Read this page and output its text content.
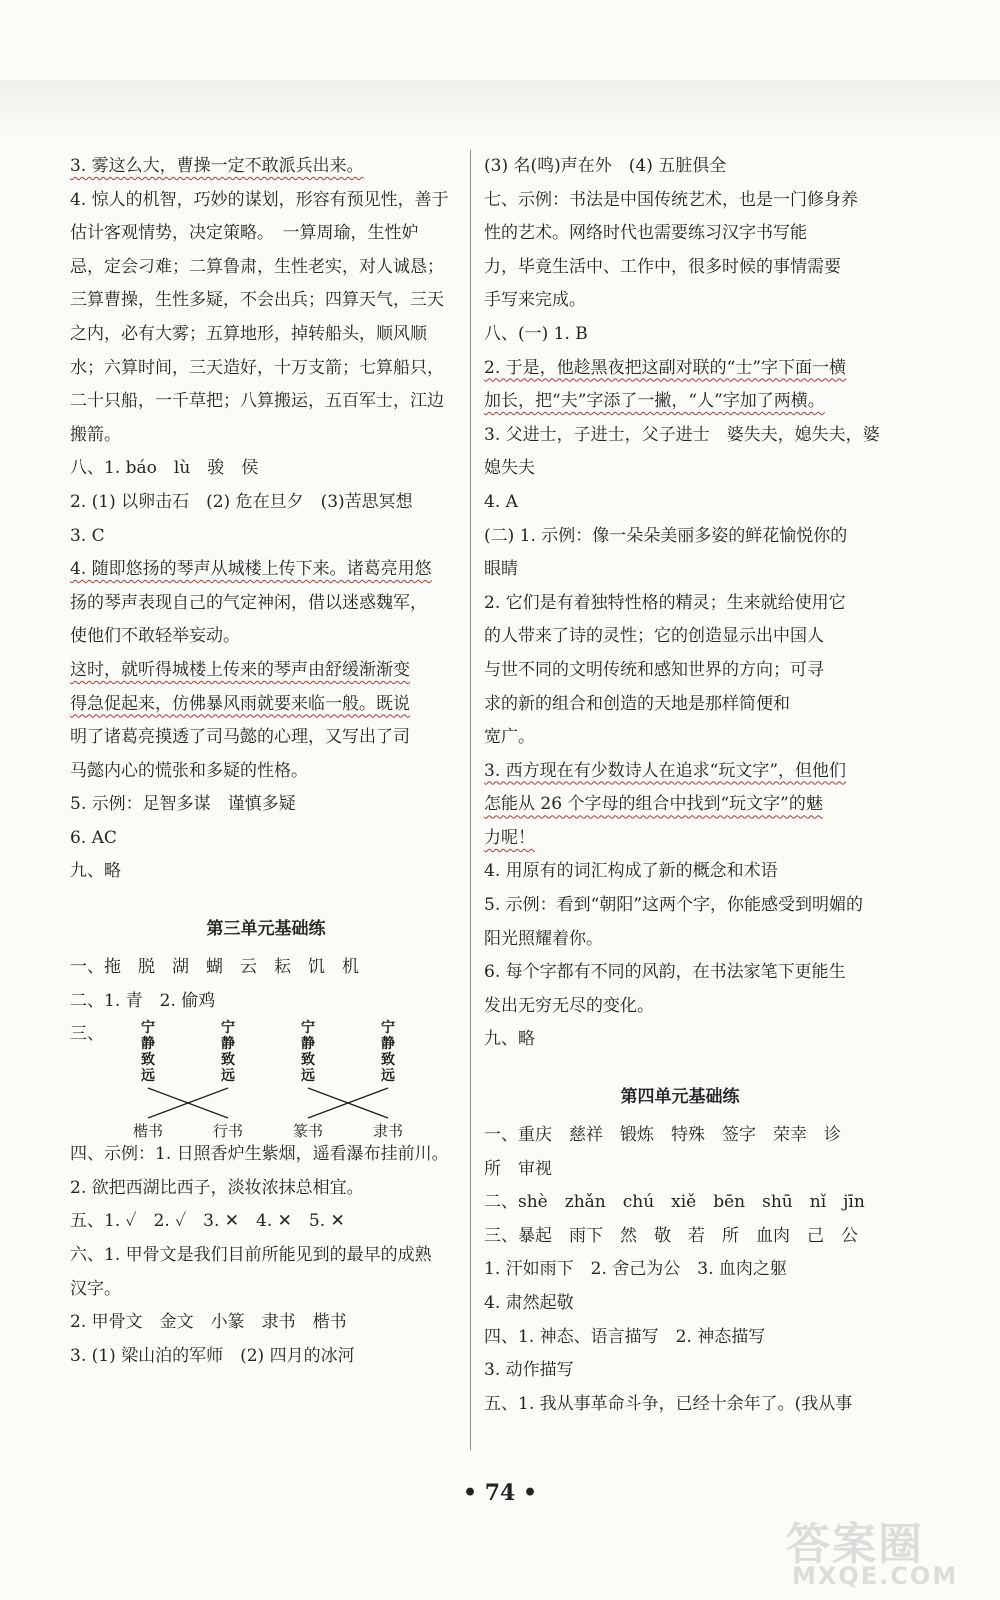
3. 雾这么大，曹操一定不敢派兵出来。
4. 惊人的机智，巧妙的谋划，形容有预见性，善于
估计客观情势，决定策略。　一算周瑜，生性妒
忌，定会刁难；二算鲁肃，生性老实，对人诚恳；
三算曹操，生性多疑，不会出兵；四算天气，三天
之内，必有大雾；五算地形，掉转船头，顺风顺
水；六算时间，三天造好，十万支箭；七算船只，
二十只船，一千草把；八算搬运，五百军士，江边
搬箭。
八、1. báo　lù　骏　侯
2. (1) 以卵击石　(2) 危在旦夕　(3)苦思冥想
3. C
4. 随即悠扬的琴声从城楼上传下来。诸葛亮用悠
扬的琴声表现自己的气定神闲，借以迷惑魏军，
使他们不敢轻举妄动。
这时，就听得城楼上传来的琴声由舒缓渐渐变
得急促起来，仿佛暴风雨就要来临一般。既说
明了诸葛亮摸透了司马懿的心理，又写出了司
马懿内心的慌张和多疑的性格。
5. 示例：足智多谋　谨慎多疑
6. AC
九、略
第三单元基础练
一、拖　脱　湖　蝴　云　耘　饥　机
二、1. 青　2. 偷鸡
三、	宁
静
致
远
宁
静
致
远
宁
静
致
远
宁
静
致
远
楷书	行书	篆书	隶书
四、示例：1. 日照香炉生紫烟，遥看瀑布挂前川。
2. 欲把西湖比西子，淡妆浓抹总相宜。
五、1. ✓　2. ✓　3. ✕　4. ✕　5. ✕
六、1. 甲骨文是我们目前所能见到的最早的成熟
汉字。
2. 甲骨文　金文　小篆　隶书　楷书
3. (1) 梁山泊的军师　(2) 四月的冰河
(3) 名(鸣)声在外　(4) 五脏俱全
七、示例：书法是中国传统艺术，也是一门修身养
性的艺术。网络时代也需要练习汉字书写能
力，毕竟生活中、工作中，很多时候的事情需要
手写来完成。
八、(一) 1. B
2. 于是，他趁黑夜把这副对联的“士”字下面一横
加长，把“夫”字添了一撇，“人”字加了两横。
3. 父进士，子进士，父子进士　婆失夫，媳失夫，婆
媳失夫
4. A
(二) 1. 示例：像一朵朵美丽多姿的鲜花愉悦你的
眼睛
2. 它们是有着独特性格的精灵；生来就给使用它
的人带来了诗的灵性；它的创造显示出中国人
与世不同的文明传统和感知世界的方向；可寻
求的新的组合和创造的天地是那样简便和
宽广。
3. 西方现在有少数诗人在追求“玩文字”，但他们
怎能从 26 个字母的组合中找到“玩文字”的魅
力呢！
4. 用原有的词汇构成了新的概念和术语
5. 示例：看到“朝阳”这两个字，你能感受到明媚的
阳光照耀着你。
6. 每个字都有不同的风韵，在书法家笔下更能生
发出无穷无尽的变化。
九、略
第四单元基础练
一、重庆　慈祥　锻炼　特殊　签字　荣幸　诊
所　审视
二、shè　zhǎn　chú　xiě　bēn　shū　nǐ　jīn
三、暴起　雨下　然　敬　若　所　血肉　己　公
1. 汗如雨下　2. 舍己为公　3. 血肉之躯
4. 肃然起敬
四、1. 神态、语言描写　2. 神态描写
3. 动作描写
五、1. 我从事革命斗争，已经十余年了。(我从事
• 74 •
答案圈
MXQE.COM
